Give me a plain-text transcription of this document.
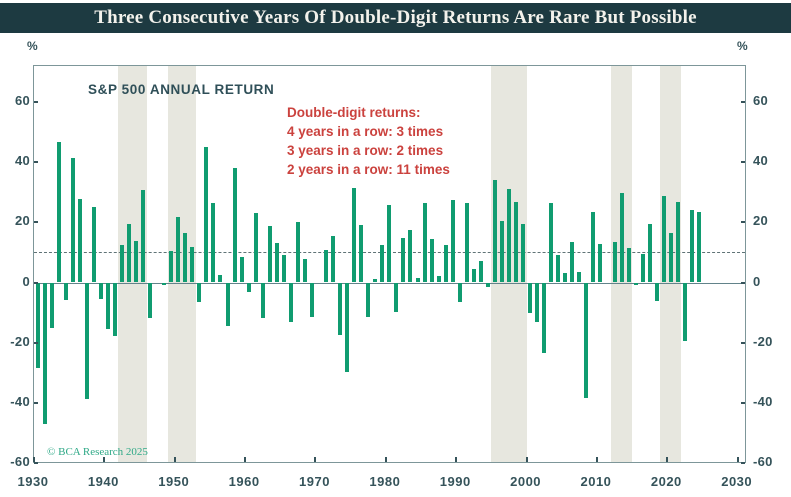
Three Consecutive Years Of Double-Digit Returns Are Rare But Possible
%	%
S&P 500 ANNUAL RETURN
Double-digit returns:
4 years in a row: 3 times
3 years in a row: 2 times
2 years in a row: 11 times
© BCA Research 2025
60	60
40	40
20	20
0	0
-20	-20
-40	-40
-60	-60
1930	1940	1950	1960	1970	1980	1990	2000	2010	2020	2030
